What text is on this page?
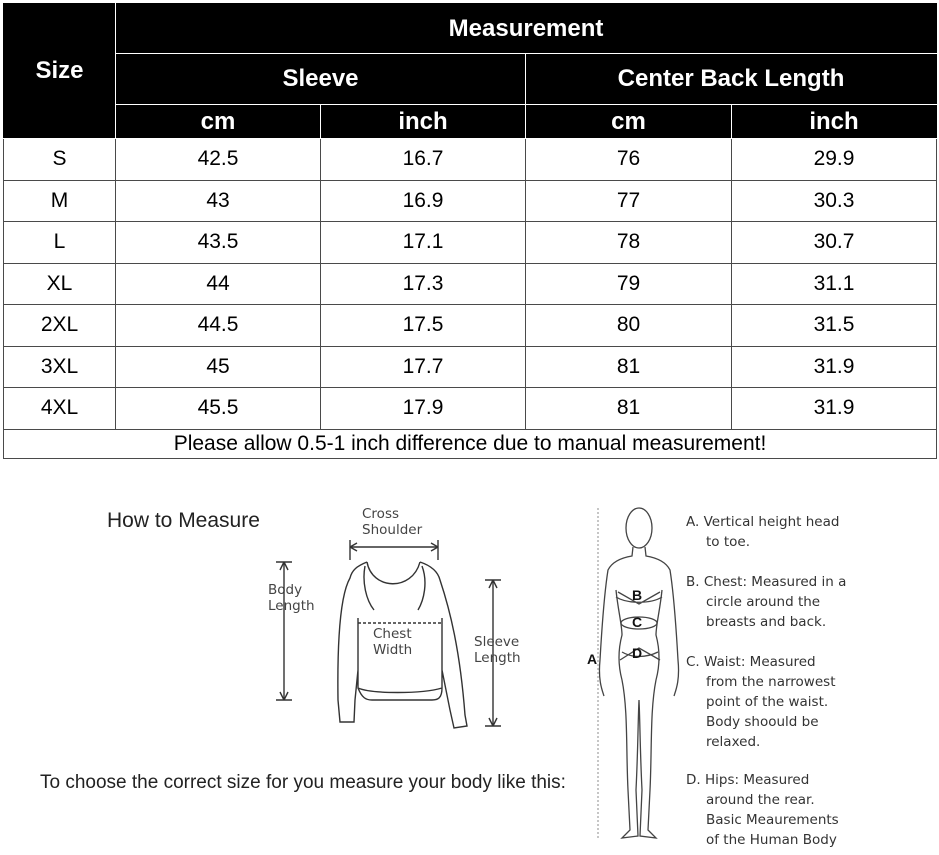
Size	Measurement			
	Sleeve		Center Back Length	
	cm	inch	cm	inch
S	42.5	16.7	76	29.9
M	43	16.9	77	30.3
L	43.5	17.1	78	30.7
XL	44	17.3	79	31.1
2XL	44.5	17.5	80	31.5
3XL	45	17.7	81	31.9
4XL	45.5	17.9	81	31.9
Please allow 0.5-1 inch difference due to manual measurement!				
How to Measure	Cross
Shoulder
Body
Length
Chest
Width	Sleeve
Length
To choose the correct size for you measure your body like this:
B
C
D
A
A. Vertical height head
to toe.
B. Chest: Measured in a
circle around the
breasts and back.
C. Waist: Measured
from the narrowest
point of the waist.
Body shoould be
relaxed.
D. Hips: Measured
around the rear.
Basic Meaurements
of the Human Body
